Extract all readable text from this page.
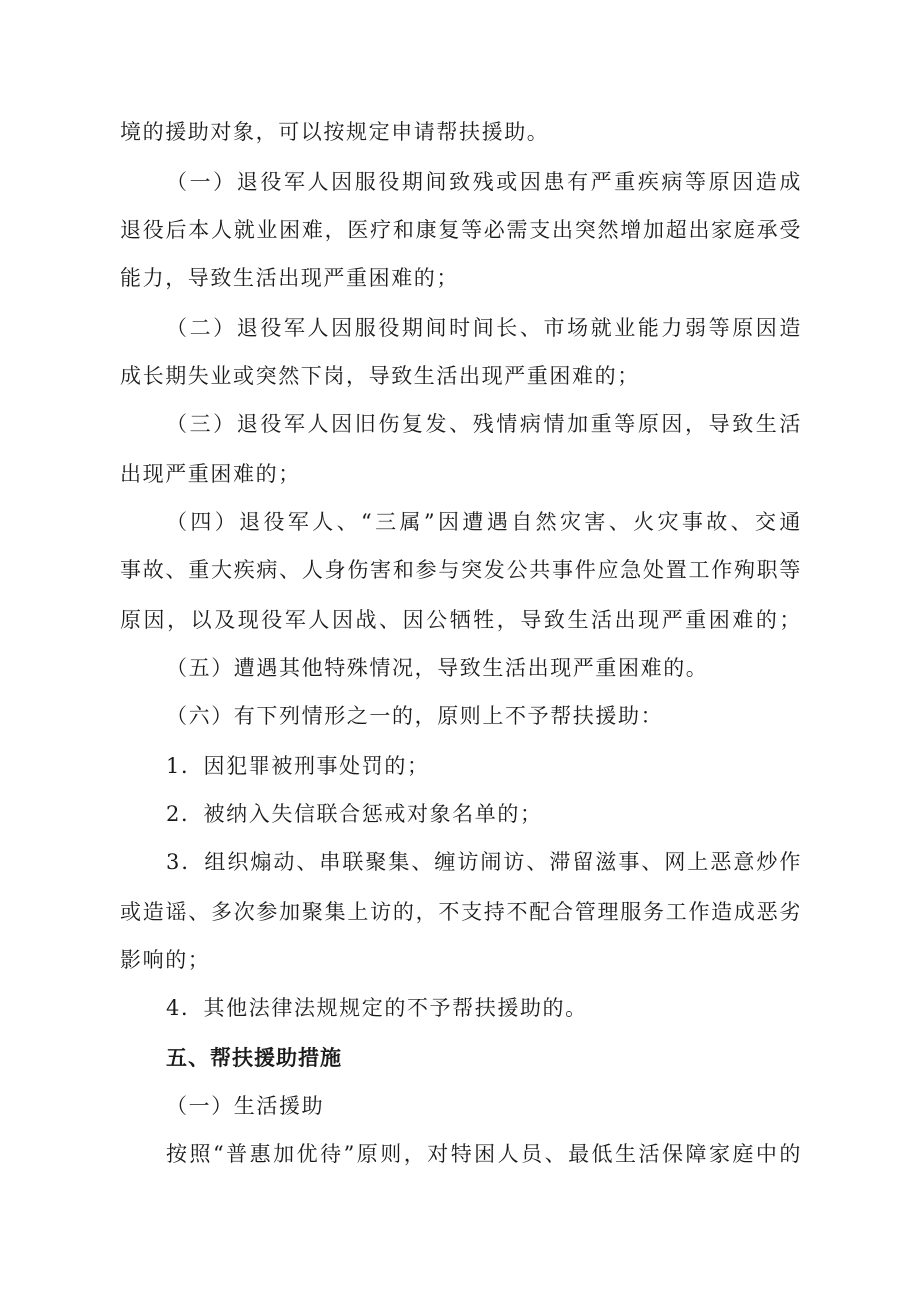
境的援助对象，可以按规定申请帮扶援助。
（一）退役军人因服役期间致残或因患有严重疾病等原因造成
退役后本人就业困难，医疗和康复等必需支出突然增加超出家庭承受
能力，导致生活出现严重困难的；
（二）退役军人因服役期间时间长、市场就业能力弱等原因造
成长期失业或突然下岗，导致生活出现严重困难的；
（三）退役军人因旧伤复发、残情病情加重等原因，导致生活
出现严重困难的；
（四）退役军人、“三属”因遭遇自然灾害、火灾事故、交通
事故、重大疾病、人身伤害和参与突发公共事件应急处置工作殉职等
原因，以及现役军人因战、因公牺牲，导致生活出现严重困难的；
（五）遭遇其他特殊情况，导致生活出现严重困难的。
（六）有下列情形之一的，原则上不予帮扶援助：
1．因犯罪被刑事处罚的；
2．被纳入失信联合惩戒对象名单的；
3．组织煽动、串联聚集、缠访闹访、滞留滋事、网上恶意炒作
或造谣、多次参加聚集上访的，不支持不配合管理服务工作造成恶劣
影响的；
4．其他法律法规规定的不予帮扶援助的。
五、帮扶援助措施
（一）生活援助
按照“普惠加优待”原则，对特困人员、最低生活保障家庭中的
